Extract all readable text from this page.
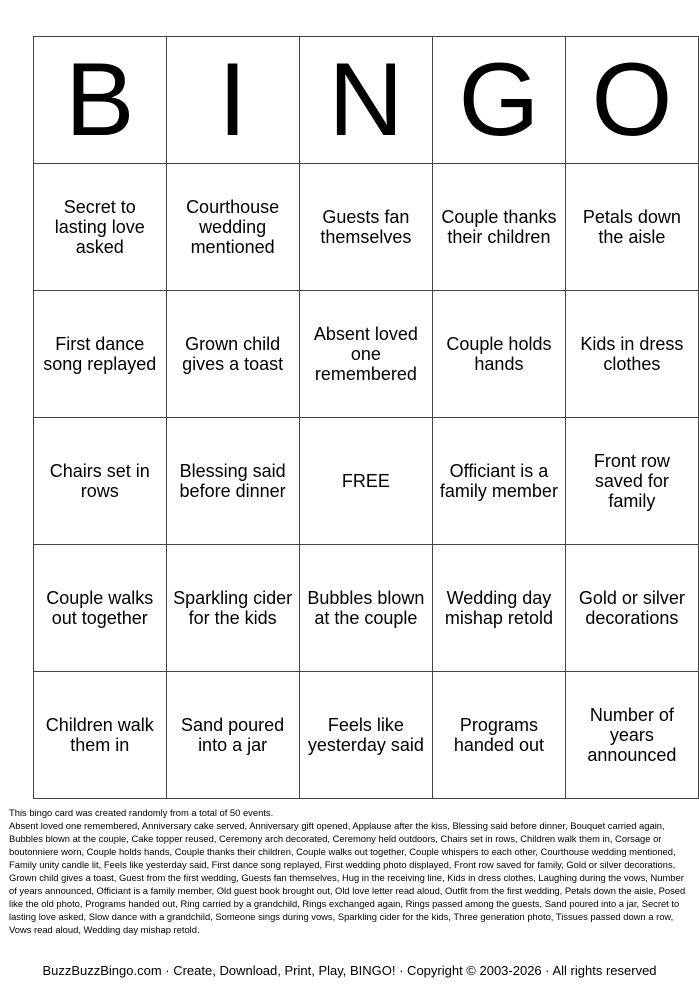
B	I	N	G	O
Secret to lasting love asked	Courthouse wedding mentioned	Guests fan themselves	Couple thanks their children	Petals down the aisle
First dance song replayed	Grown child gives a toast	Absent loved one remembered	Couple holds hands	Kids in dress clothes
Chairs set in rows	Blessing said before dinner	FREE	Officiant is a family member	Front row saved for family
Couple walks out together	Sparkling cider for the kids	Bubbles blown at the couple	Wedding day mishap retold	Gold or silver decorations
Children walk them in	Sand poured into a jar	Feels like yesterday said	Programs handed out	Number of years announced

This bingo card was created randomly from a total of 50 events.

Absent loved one remembered, Anniversary cake served, Anniversary gift opened, Applause after the kiss, Blessing said before dinner, Bouquet carried again, Bubbles blown at the couple, Cake topper reused, Ceremony arch decorated, Ceremony held outdoors, Chairs set in rows, Children walk them in, Corsage or boutonniere worn, Couple holds hands, Couple thanks their children, Couple walks out together, Couple whispers to each other, Courthouse wedding mentioned, Family unity candle lit, Feels like yesterday said, First dance song replayed, First wedding photo displayed, Front row saved for family, Gold or silver decorations, Grown child gives a toast, Guest from the first wedding, Guests fan themselves, Hug in the receiving line, Kids in dress clothes, Laughing during the vows, Number of years announced, Officiant is a family member, Old guest book brought out, Old love letter read aloud, Outfit from the first wedding, Petals down the aisle, Posed like the old photo, Programs handed out, Ring carried by a grandchild, Rings exchanged again, Rings passed among the guests, Sand poured into a jar, Secret to lasting love asked, Slow dance with a grandchild, Someone sings during vows, Sparkling cider for the kids, Three generation photo, Tissues passed down a row, Vows read aloud, Wedding day mishap retold.

BuzzBuzzBingo.com · Create, Download, Print, Play, BINGO! · Copyright © 2003-2026 · All rights reserved
